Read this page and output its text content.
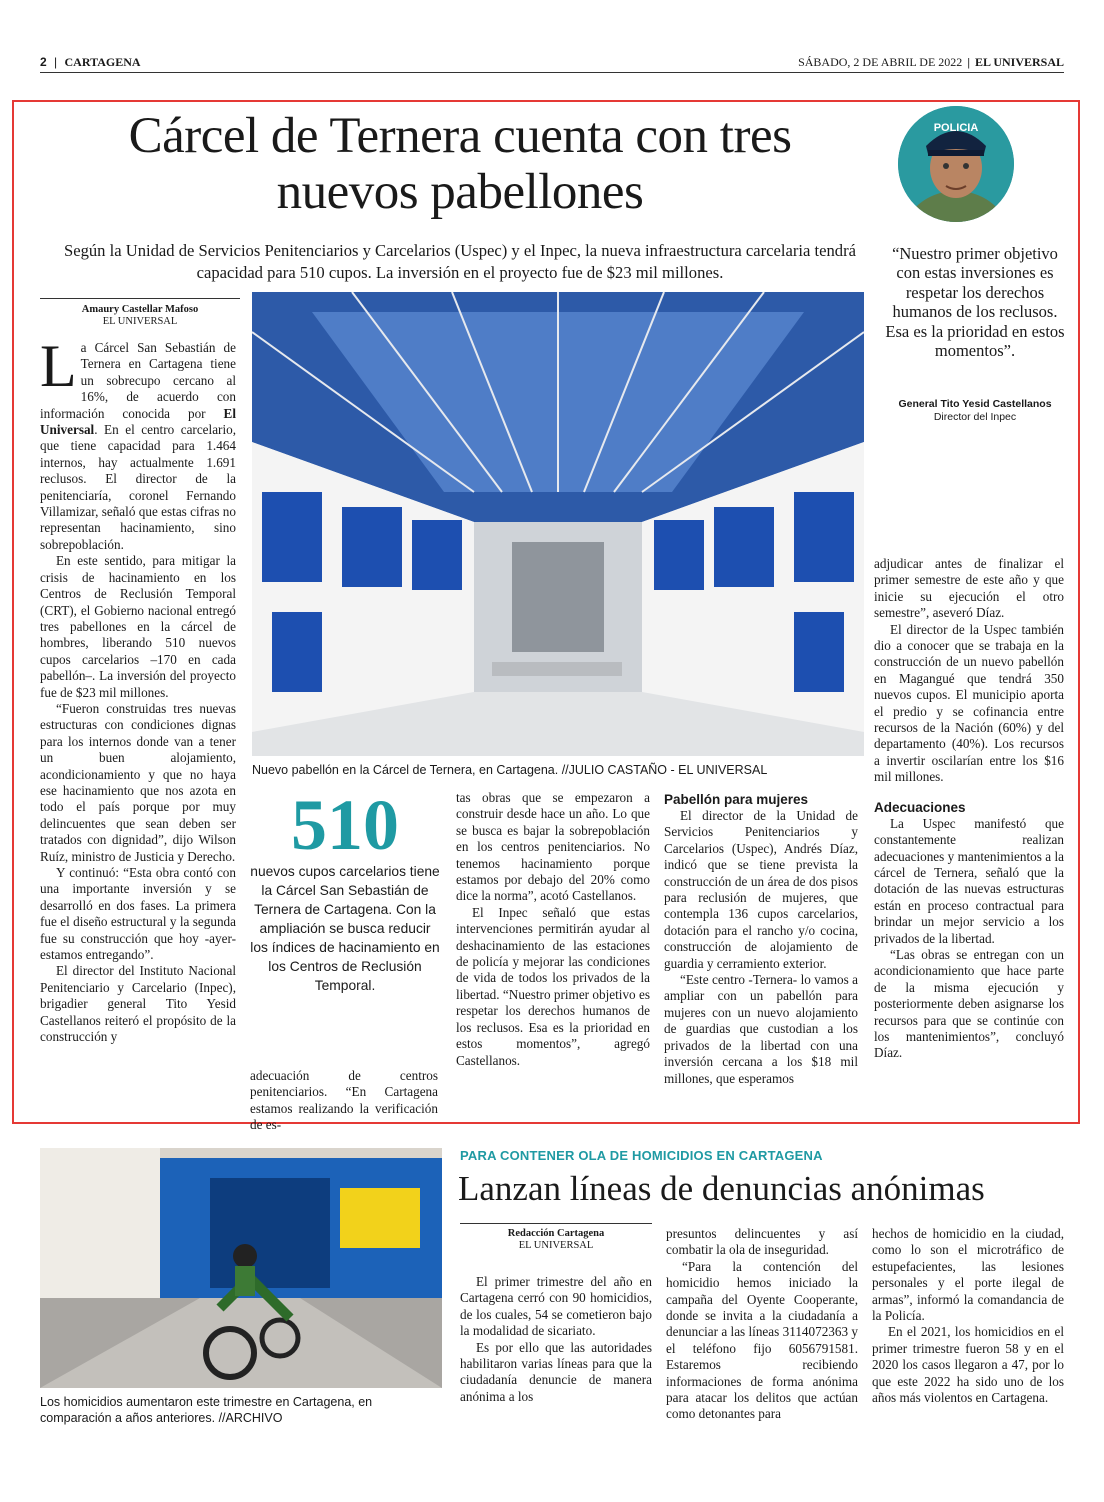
2 | CARTAGENA	SÁBADO, 2 DE ABRIL DE 2022 | EL UNIVERSAL
Cárcel de Ternera cuenta con tres nuevos pabellones
Según la Unidad de Servicios Penitenciarios y Carcelarios (Uspec) y el Inpec, la nueva infraestructura carcelaria tendrá capacidad para 510 cupos. La inversión en el proyecto fue de $23 mil millones.
POLICIA
“Nuestro primer objetivo con estas inversiones es respetar los derechos humanos de los reclusos. Esa es la prioridad en estos momentos”.
General Tito Yesid Castellanos
Director del Inpec
Amaury Castellar Mafoso
EL UNIVERSAL
Nuevo pabellón en la Cárcel de Ternera, en Cartagena. //JULIO CASTAÑO - EL UNIVERSAL

La Cárcel San Sebastián de Ternera en Cartagena tiene un sobrecupo cercano al 16%, de acuerdo con información conocida por El Universal. En el centro carcelario, que tiene capacidad para 1.464 internos, hay actualmente 1.691 reclusos. El director de la penitenciaría, coronel Fernando Villamizar, señaló que estas cifras no representan hacinamiento, sino sobrepoblación.

En este sentido, para mitigar la crisis de hacinamiento en los Centros de Reclusión Temporal (CRT), el Gobierno nacional entregó tres pabellones en la cárcel de hombres, liberando 510 nuevos cupos carcelarios –170 en cada pabellón–. La inversión del proyecto fue de $23 mil millones.

“Fueron construidas tres nuevas estructuras con condiciones dignas para los internos donde van a tener un buen alojamiento, acondicionamiento y que no haya ese hacinamiento que nos azota en todo el país porque por muy delincuentes que sean deben ser tratados con dignidad”, dijo Wilson Ruíz, ministro de Justicia y Derecho.

Y continuó: “Esta obra contó con una importante inversión y se desarrolló en dos fases. La primera fue el diseño estructural y la segunda fue su construcción que hoy -ayer- estamos entregando”.

El director del Instituto Nacional Penitenciario y Carcelario (Inpec), brigadier general Tito Yesid Castellanos reiteró el propósito de la construcción y

510
nuevos cupos carcelarios tiene la Cárcel San Sebastián de Ternera de Cartagena. Con la ampliación se busca reducir los índices de hacinamiento en los Centros de Reclusión Temporal.

adecuación de centros penitenciarios. “En Cartagena estamos realizando la verificación de es-

tas obras que se empezaron a construir desde hace un año. Lo que se busca es bajar la sobrepoblación en los centros penitenciarios. No tenemos hacinamiento porque estamos por debajo del 20% como dice la norma”, acotó Castellanos.

El Inpec señaló que estas intervenciones permitirán ayudar al deshacinamiento de las estaciones de policía y mejorar las condiciones de vida de todos los privados de la libertad. “Nuestro primer objetivo es respetar los derechos humanos de los reclusos. Esa es la prioridad en estos momentos”, agregó Castellanos.

Pabellón para mujeres

El director de la Unidad de Servicios Penitenciarios y Carcelarios (Uspec), Andrés Díaz, indicó que se tiene prevista la construcción de un área de dos pisos para reclusión de mujeres, que contempla 136 cupos carcelarios, dotación para el rancho y/o cocina, construcción de alojamiento de guardia y cerramiento exterior.

“Este centro -Ternera- lo vamos a ampliar con un pabellón para mujeres con un nuevo alojamiento de guardias que custodian a los privados de la libertad con una inversión cercana a los $18 mil millones, que esperamos

adjudicar antes de finalizar el primer semestre de este año y que inicie su ejecución el otro semestre”, aseveró Díaz.

El director de la Uspec también dio a conocer que se trabaja en la construcción de un nuevo pabellón en Magangué que tendrá 350 nuevos cupos. El municipio aporta el predio y se cofinancia entre recursos de la Nación (60%) y del departamento (40%). Los recursos a invertir oscilarían entre los $16 mil millones.

Adecuaciones

La Uspec manifestó que constantemente realizan adecuaciones y mantenimientos a la cárcel de Ternera, señaló que la dotación de las nuevas estructuras están en proceso contractual para brindar un mejor servicio a los privados de la libertad.

“Las obras se entregan con un acondicionamiento que hace parte de la misma ejecución y posteriormente deben asignarse los recursos para que se continúe con los mantenimientos”, concluyó Díaz.

Los homicidios aumentaron este trimestre en Cartagena, en comparación a años anteriores. //ARCHIVO
PARA CONTENER OLA DE HOMICIDIOS EN CARTAGENA
Lanzan líneas de denuncias anónimas
Redacción Cartagena
EL UNIVERSAL

El primer trimestre del año en Cartagena cerró con 90 homicidios, de los cuales, 54 se cometieron bajo la modalidad de sicariato.

Es por ello que las autoridades habilitaron varias líneas para que la ciudadanía denuncie de manera anónima a los

presuntos delincuentes y así combatir la ola de inseguridad.

“Para la contención del homicidio hemos iniciado la campaña del Oyente Cooperante, donde se invita a la ciudadanía a denunciar a las líneas 3114072363 y el teléfono fijo 6056791581. Estaremos recibiendo informaciones de forma anónima para atacar los delitos que actúan como detonantes para

hechos de homicidio en la ciudad, como lo son el microtráfico de estupefacientes, las lesiones personales y el porte ilegal de armas”, informó la comandancia de la Policía.

En el 2021, los homicidios en el primer trimestre fueron 58 y en el 2020 los casos llegaron a 47, por lo que este 2022 ha sido uno de los años más violentos en Cartagena.
